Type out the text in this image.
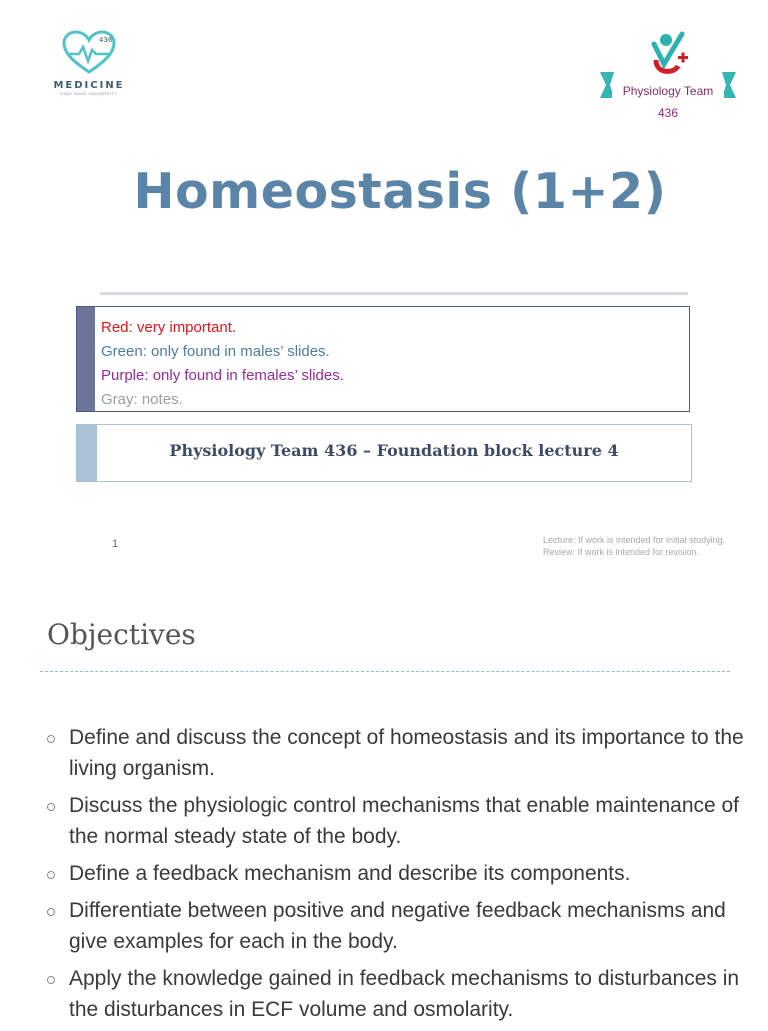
436
MEDICINE
KING SAUD UNIVERSITY	Physiology Team 436
Homeostasis (1+2)
Red: very important.
Green: only found in males’ slides.
Purple: only found in females’ slides.
Gray: notes.
Physiology Team 436 – Foundation block lecture 4
1	Lecture: If work is intended for initial studying.
Review: If work is intended for revision.
Objectives
Define and discuss the concept of homeostasis and its importance to the living organism.
Discuss the physiologic control mechanisms that enable maintenance of the normal steady state of the body.
Define a feedback mechanism and describe its components.
Differentiate between positive and negative feedback mechanisms and give examples for each in the body.
Apply the knowledge gained in feedback mechanisms to disturbances in the disturbances in ECF volume and osmolarity.
